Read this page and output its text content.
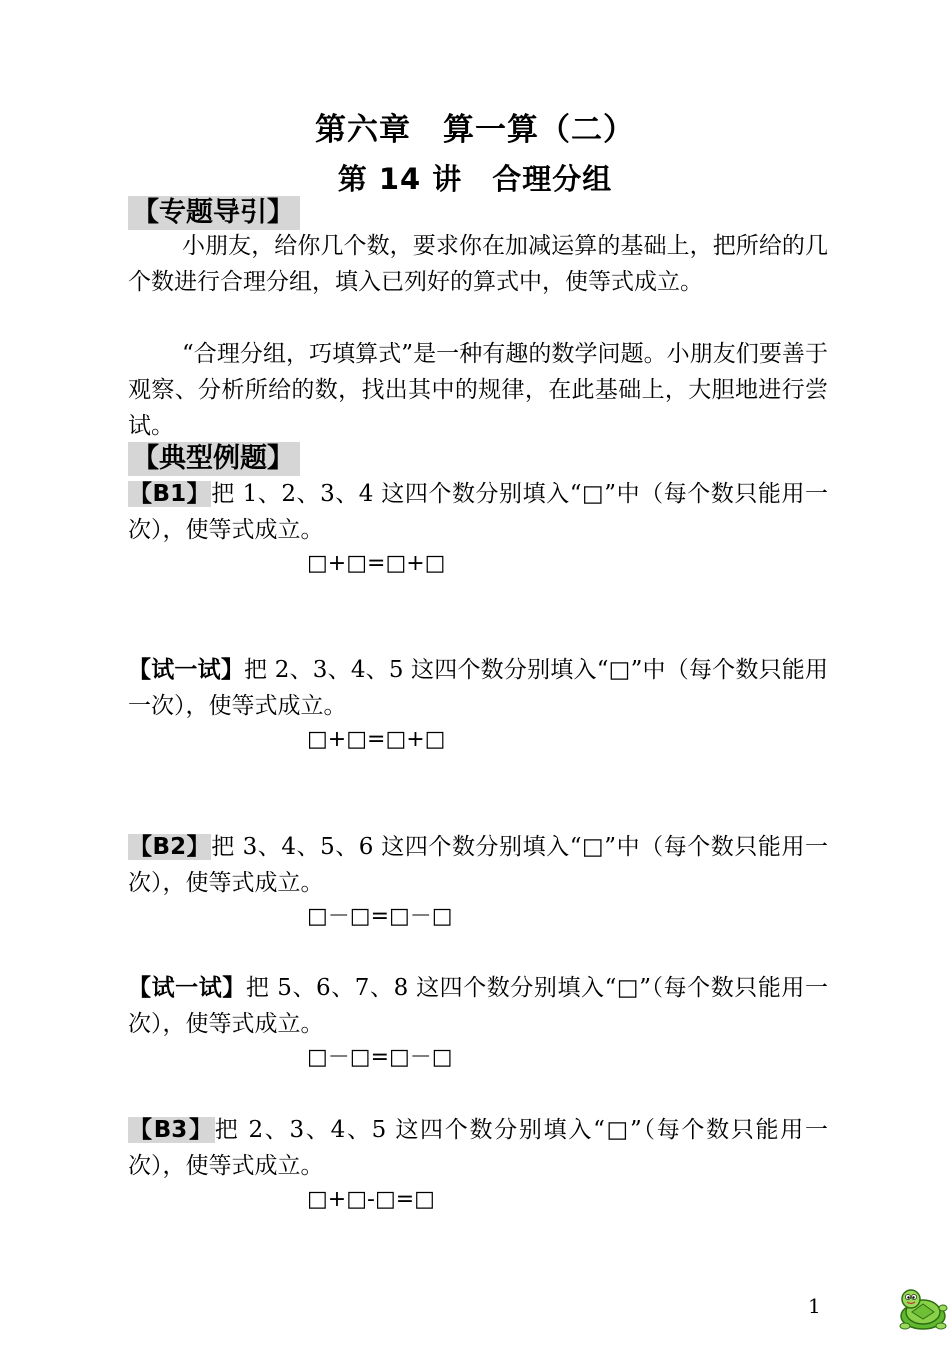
第六章　算一算（二）
第 14 讲　合理分组
【专题导引】
小朋友，给你几个数，要求你在加减运算的基础上，把所给的几个数进行合理分组，填入已列好的算式中，使等式成立。
“合理分组，巧填算式”是一种有趣的数学问题。小朋友们要善于观察、分析所给的数，找出其中的规律，在此基础上，大胆地进行尝试。
【典型例题】
【B1】把 1、2、3、4 这四个数分别填入“□”中（每个数只能用一次），使等式成立。
□+□=□+□
【试一试】把 2、3、4、5 这四个数分别填入“□”中（每个数只能用一次），使等式成立。
□+□=□+□
【B2】把 3、4、5、6 这四个数分别填入“□”中（每个数只能用一次），使等式成立。
□－□=□－□
【试一试】把 5、6、7、8 这四个数分别填入“□”（每个数只能用一次），使等式成立。
□－□=□－□
【B3】把 2、3、4、5 这四个数分别填入“□”（每个数只能用一次），使等式成立。
□+□-□=□
1
